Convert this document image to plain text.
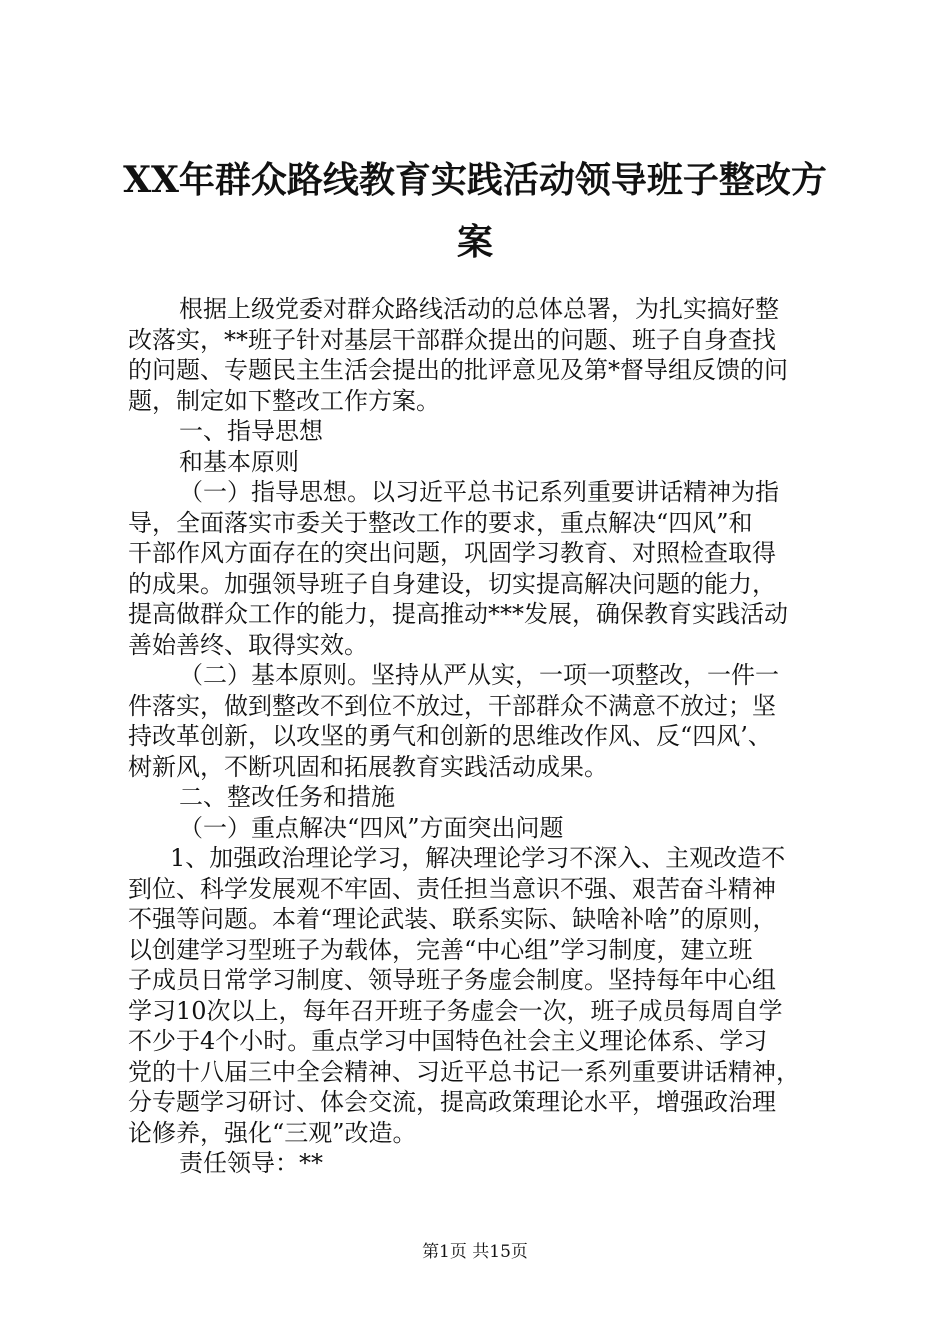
XX年群众路线教育实践活动领导班子整改方
案
根据上级党委对群众路线活动的总体总署，为扎实搞好整
改落实，**班子针对基层干部群众提出的问题、班子自身查找
的问题、专题民主生活会提出的批评意见及第*督导组反馈的问
题，制定如下整改工作方案。
一、指导思想
和基本原则
（一）指导思想。以习近平总书记系列重要讲话精神为指
导，全面落实市委关于整改工作的要求，重点解决“四风”和
干部作风方面存在的突出问题，巩固学习教育、对照检查取得
的成果。加强领导班子自身建设，切实提高解决问题的能力，
提高做群众工作的能力，提高推动***发展，确保教育实践活动
善始善终、取得实效。
（二）基本原则。坚持从严从实，一项一项整改，一件一
件落实，做到整改不到位不放过，干部群众不满意不放过；坚
持改革创新，以攻坚的勇气和创新的思维改作风、反“四风’、
树新风，不断巩固和拓展教育实践活动成果。
二、整改任务和措施
（一）重点解决“四风”方面突出问题
1、加强政治理论学习，解决理论学习不深入、主观改造不
到位、科学发展观不牢固、责任担当意识不强、艰苦奋斗精神
不强等问题。本着“理论武装、联系实际、缺啥补啥”的原则，
以创建学习型班子为载体，完善“中心组”学习制度，建立班
子成员日常学习制度、领导班子务虚会制度。坚持每年中心组
学习10次以上，每年召开班子务虚会一次，班子成员每周自学
不少于4个小时。重点学习中国特色社会主义理论体系、学习
党的十八届三中全会精神、习近平总书记一系列重要讲话精神，
分专题学习研讨、体会交流，提高政策理论水平，增强政治理
论修养，强化“三观”改造。
责任领导：**
第1页 共15页
